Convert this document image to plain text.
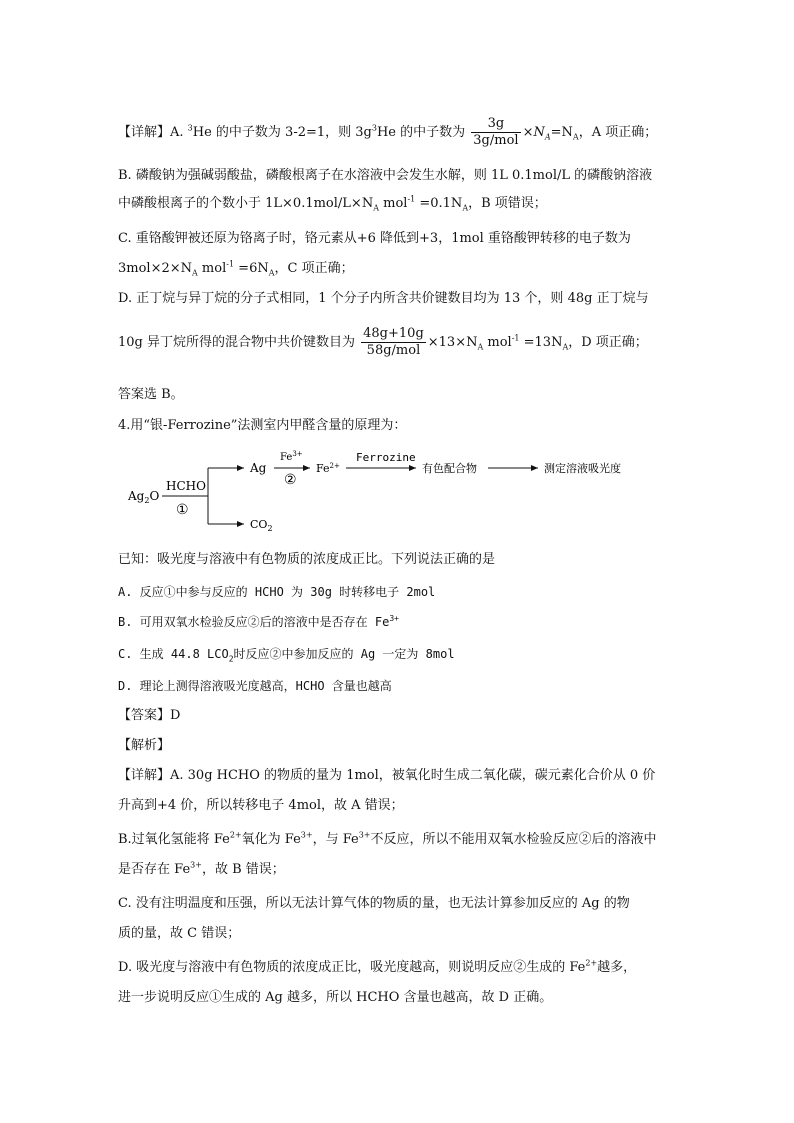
【详解】A. $^3$He 的中子数为 3-2=1，则 $3g^3He$ 的中子数为 $\frac{3g}{\text{3g/mol}} \times N_A=N_A$，A 项正确；
B. 磷酸钠为强碱弱酸盐，磷酸根离子在水溶液中会发生水解，则 1L 0.1mol/L 的磷酸钠溶液
中磷酸根离子的个数小于 $1L\times 0.1mol/L\times N_A$ $mol^{-1} =0.1N_A$，B 项错误；
C. 重铬酸钾被还原为铬离子时，铬元素从+6 降低到+3，1mol 重铬酸钾转移的电子数为
$3mol\times 2\times N_A$ $mol^{-1} =6N_A$，C 项正确；
D. 正丁烷与异丁烷的分子式相同，1 个分子内所含共价键数目均为 13 个，则 48g 正丁烷与
10g 异丁烷所得的混合物中共价键数目为 $\frac{48g+10g}{\text{58g/mol}} \times 13\times N_A$ $mol^{-1} =13N_A$，D 项正确；
答案选 B。
4.用“银-Ferrozine”法测室内甲醛含量的原理为：
$Ag_2O$
HCHO
①
Ag
$CO_2$
$Fe^{3+}$
②
$Fe^{2+}$
Ferrozine
有色配合物	测定溶液吸光度
已知：吸光度与溶液中有色物质的浓度成正比。下列说法正确的是
A. 反应①中参与反应的 HCHO 为 30g 时转移电子 2mol
B. 可用双氧水检验反应②后的溶液中是否存在 $Fe^{3+}$
C. 生成 44.8 $LCO_2$时反应②中参加反应的 Ag 一定为 8mol
D. 理论上测得溶液吸光度越高，HCHO 含量也越高
【答案】D
【解析】
【详解】A. 30g HCHO 的物质的量为 1mol，被氧化时生成二氧化碳，碳元素化合价从 0 价
升高到+4 价，所以转移电子 4mol，故 A 错误；
B.过氧化氢能将 $Fe^{2+}$氧化为 $Fe^{3+}$，与 $Fe^{3+}$不反应，所以不能用双氧水检验反应②后的溶液中
是否存在 $Fe^{3+}$，故 B 错误；
C. 没有注明温度和压强，所以无法计算气体的物质的量，也无法计算参加反应的 Ag 的物
质的量，故 C 错误；
D. 吸光度与溶液中有色物质的浓度成正比，吸光度越高，则说明反应②生成的 $Fe^{2+}$越多，
进一步说明反应①生成的 Ag 越多，所以 HCHO 含量也越高，故 D 正确。
